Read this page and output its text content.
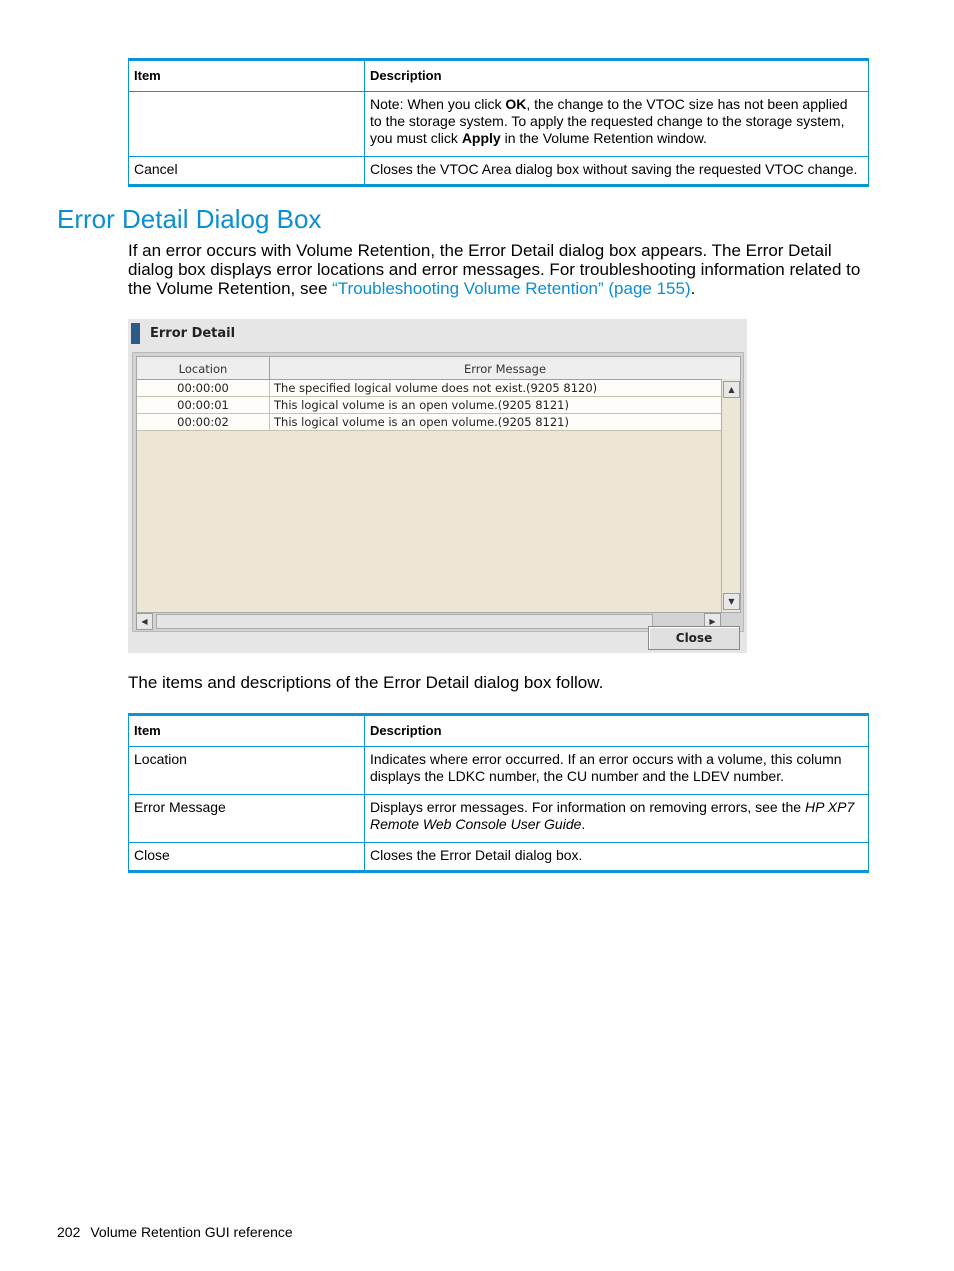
Item	Description
	Note: When you click OK, the change to the VTOC size has not been applied to the storage system. To apply the requested change to the storage system, you must click Apply in the Volume Retention window.
Cancel	Closes the VTOC Area dialog box without saving the requested VTOC change.
Error Detail Dialog Box

If an error occurs with Volume Retention, the Error Detail dialog box appears. The Error Detail dialog box displays error locations and error messages. For troubleshooting information related to the Volume Retention, see “Troubleshooting Volume Retention” (page 155).

Error Detail
Location	Error Message
00:00:00	The specified logical volume does not exist.(9205 8120)
00:00:01	This logical volume is an open volume.(9205 8121)
00:00:02	This logical volume is an open volume.(9205 8121)
▲
▼
◀	▶
Close

The items and descriptions of the Error Detail dialog box follow.

Item	Description
Location	Indicates where error occurred. If an error occurs with a volume, this column displays the LDKC number, the CU number and the LDEV number.
Error Message	Displays error messages. For information on removing errors, see the HP XP7 Remote Web Console User Guide.
Close	Closes the Error Detail dialog box.
202 Volume Retention GUI reference
